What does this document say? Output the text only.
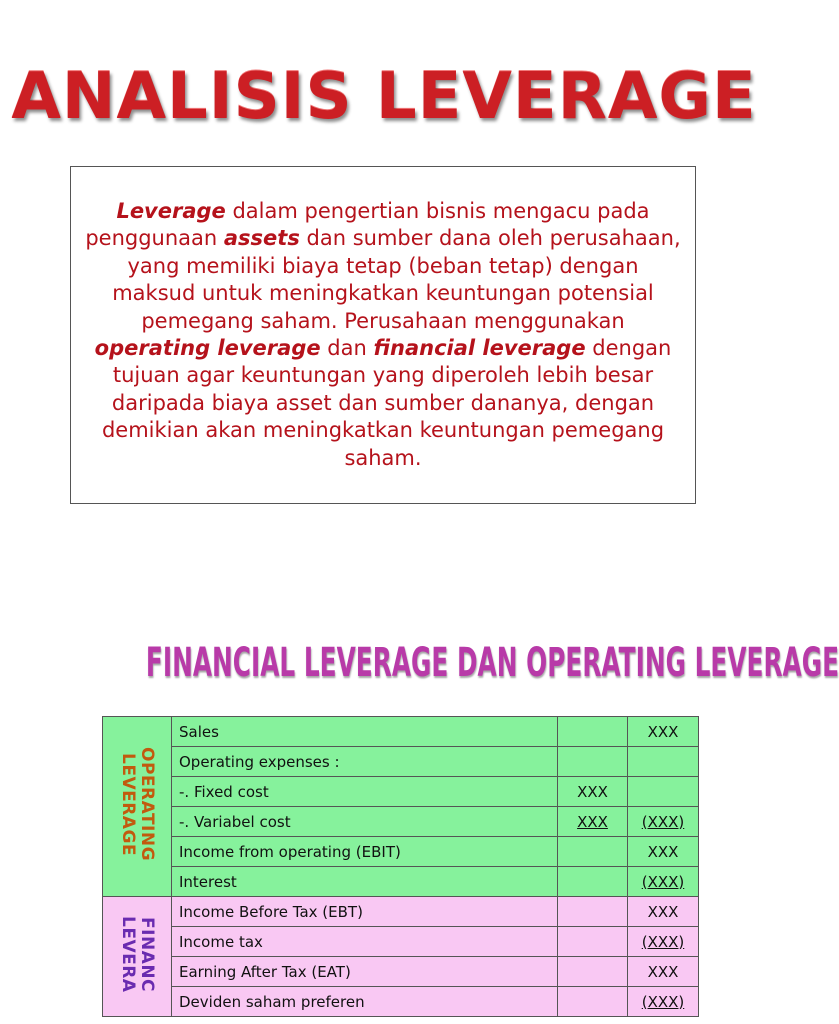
ANALISIS LEVERAGE

Leverage dalam pengertian bisnis mengacu pada penggunaan assets dan sumber dana oleh perusahaan, yang memiliki biaya tetap (beban tetap) dengan maksud untuk meningkatkan keuntungan potensial pemegang saham. Perusahaan menggunakan operating leverage dan financial leverage dengan tujuan agar keuntungan yang diperoleh lebih besar daripada biaya asset dan sumber dananya, dengan demikian akan meningkatkan keuntungan pemegang saham.

FINANCIAL LEVERAGE DAN OPERATING LEVERAGE
OPERATING
LEVERAGE	Sales		XXX
	Operating expenses :		
	-. Fixed cost	XXX	
	-. Variabel cost	XXX	(XXX)
	Income from operating (EBIT)		XXX
	Interest		(XXX)
FINANC
LEVERA	Income Before Tax (EBT)		XXX
	Income tax		(XXX)
	Earning After Tax (EAT)		XXX
	Deviden saham preferen		(XXX)
